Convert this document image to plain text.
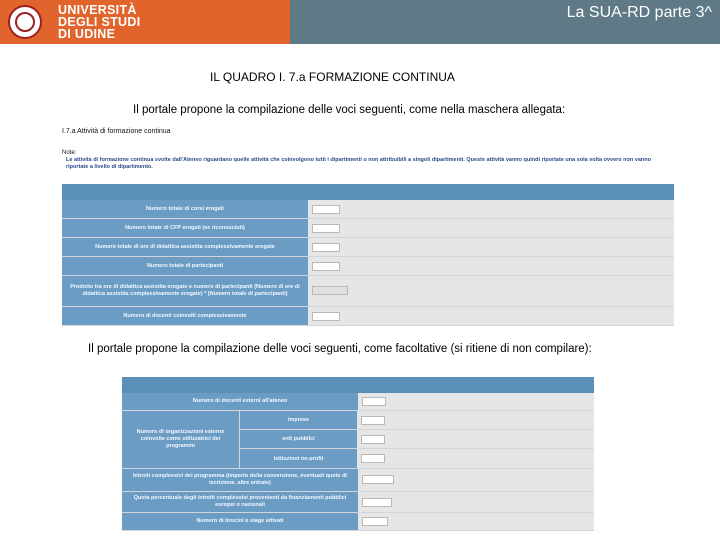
UNIVERSITÀ
DEGLI STUDI
DI UDINE
La SUA-RD parte 3^
IL QUADRO I. 7.a FORMAZIONE CONTINUA
Il portale propone la compilazione delle voci seguenti, come nella maschera allegata:
I.7.a Attività di formazione continua
Note:
Le attività di formazione continua svolte dall'Ateneo riguardano quelle attività che coinvolgono tutti i dipartimenti o non attribuibili a singoli dipartimenti. Queste attività vanno quindi riportate una sola volta ovvero non vanno riportate a livello di dipartimento.
Numero totale di corsi erogati
Numero totale di CFP erogati (se riconosciuti)
Numero totale di ore di didattica assistita complessivamente erogate
Numero totale di partecipanti
Prodotto tra ore di didattica assistita erogate e numero di partecipanti (Numero di ore di didattica assistita complessivamente erogate) * (Numero totale di partecipanti)
Numero di docenti coinvolti complessivamente
Il portale propone la compilazione delle voci seguenti, come facoltative (si ritiene di non compilare):
Numero di docenti esterni all'ateneo
Numero di organizzazioni esterne coinvolte come utilizzatrici dei programmi
imprese
enti pubblici
istituzioni no-profit
Introiti complessivi del programma (importo della convenzione, eventuali quote di iscrizione, altre entrate)
Quota percentuale degli introiti complessivi provenienti da finanziamenti pubblici europei o nazionali
Numero di tirocini o stage attivati
